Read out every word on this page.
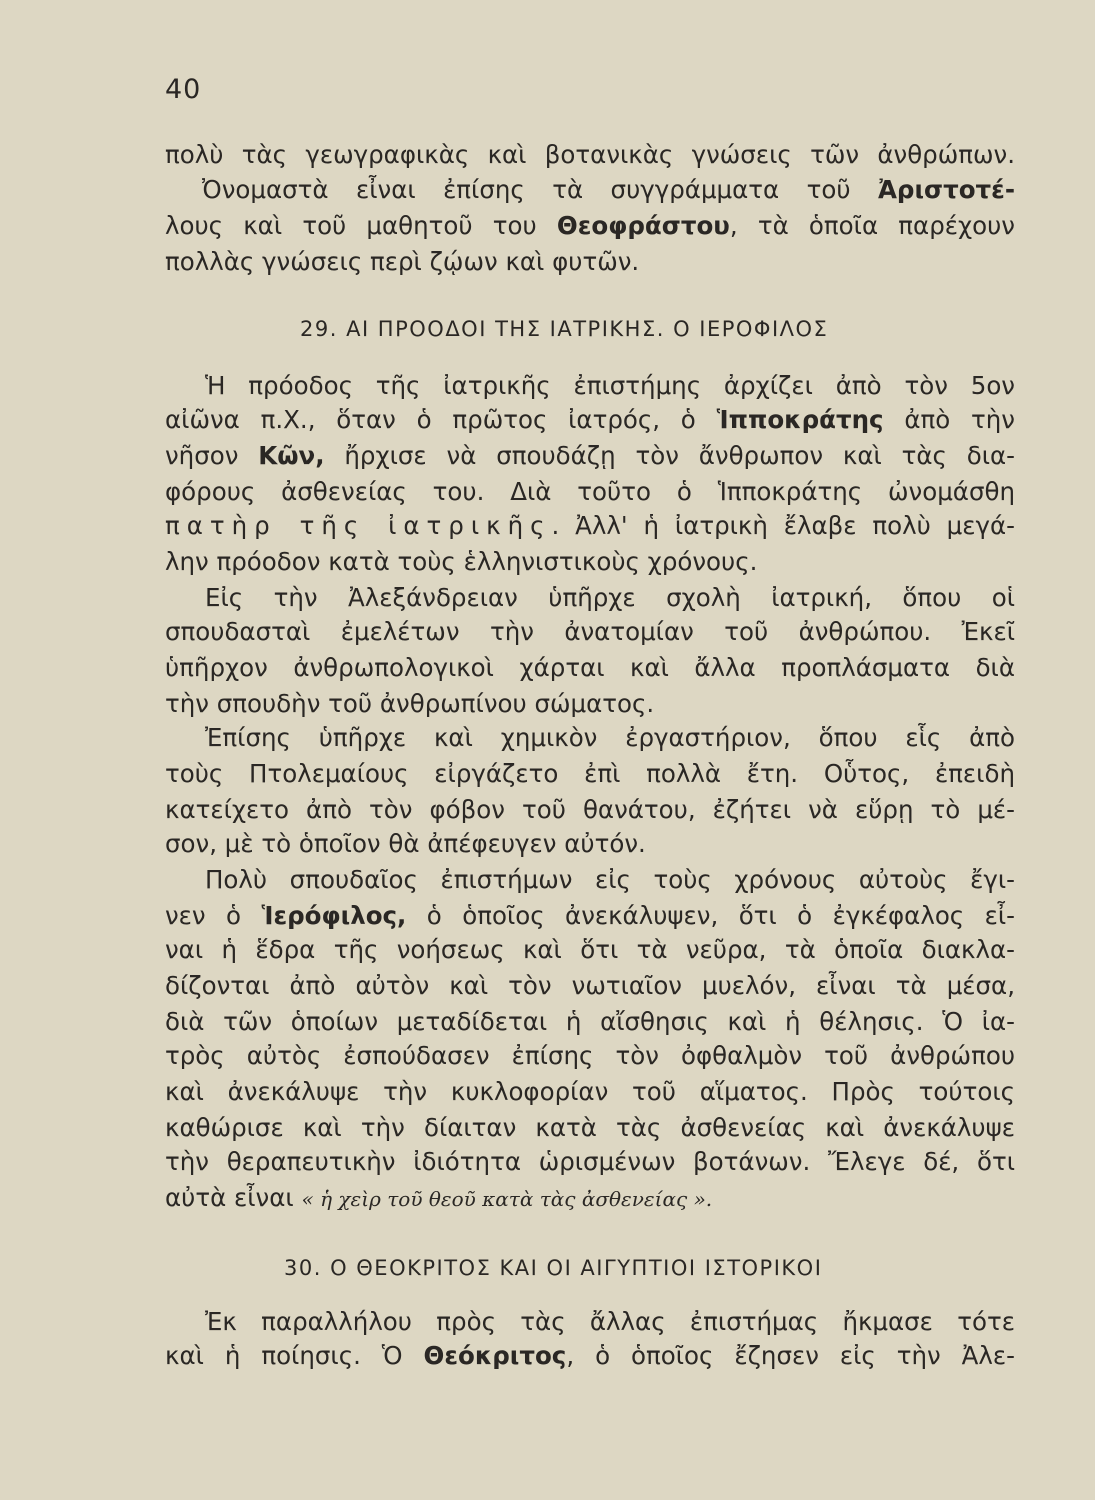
40
πολὺ τὰς γεωγραφικὰς καὶ βοτανικὰς γνώσεις τῶν ἀνθρώπων.
Ὀνομαστὰ εἶναι ἐπίσης τὰ συγγράμματα τοῦ Ἀριστοτέ-
λους καὶ τοῦ μαθητοῦ του Θεοφράστου, τὰ ὁποῖα παρέχουν
πολλὰς γνώσεις περὶ ζῴων καὶ φυτῶν.
29. ΑΙ ΠΡΟΟΔΟΙ ΤΗΣ ΙΑΤΡΙΚΗΣ. Ο ΙΕΡΟΦΙΛΟΣ
Ἡ πρόοδος τῆς ἰατρικῆς ἐπιστήμης ἀρχίζει ἀπὸ τὸν 5ον
αἰῶνα π.Χ., ὅταν ὁ πρῶτος ἰατρός, ὁ Ἱπποκράτης ἀπὸ τὴν
νῆσον Κῶν, ἤρχισε νὰ σπουδάζῃ τὸν ἄνθρωπον καὶ τὰς δια-
φόρους ἀσθενείας του. Διὰ τοῦτο ὁ Ἱπποκράτης ὠνομάσθη
πατὴρ τῆς ἰατρικῆς. Ἀλλ' ἡ ἰατρικὴ ἔλαβε πολὺ μεγά-
λην πρόοδον κατὰ τοὺς ἑλληνιστικοὺς χρόνους.
Εἰς τὴν Ἀλεξάνδρειαν ὑπῆρχε σχολὴ ἰατρική, ὅπου οἱ
σπουδασταὶ ἐμελέτων τὴν ἀνατομίαν τοῦ ἀνθρώπου. Ἐκεῖ
ὑπῆρχον ἀνθρωπολογικοὶ χάρται καὶ ἄλλα προπλάσματα διὰ
τὴν σπουδὴν τοῦ ἀνθρωπίνου σώματος.
Ἐπίσης ὑπῆρχε καὶ χημικὸν ἐργαστήριον, ὅπου εἷς ἀπὸ
τοὺς Πτολεμαίους εἰργάζετο ἐπὶ πολλὰ ἔτη. Οὗτος, ἐπειδὴ
κατείχετο ἀπὸ τὸν φόβον τοῦ θανάτου, ἐζήτει νὰ εὕρῃ τὸ μέ-
σον, μὲ τὸ ὁποῖον θὰ ἀπέφευγεν αὐτόν.
Πολὺ σπουδαῖος ἐπιστήμων εἰς τοὺς χρόνους αὐτοὺς ἔγι-
νεν ὁ Ἱερόφιλος, ὁ ὁποῖος ἀνεκάλυψεν, ὅτι ὁ ἐγκέφαλος εἶ-
ναι ἡ ἕδρα τῆς νοήσεως καὶ ὅτι τὰ νεῦρα, τὰ ὁποῖα διακλα-
δίζονται ἀπὸ αὐτὸν καὶ τὸν νωτιαῖον μυελόν, εἶναι τὰ μέσα,
διὰ τῶν ὁποίων μεταδίδεται ἡ αἴσθησις καὶ ἡ θέλησις. Ὁ ἰα-
τρὸς αὐτὸς ἐσπούδασεν ἐπίσης τὸν ὀφθαλμὸν τοῦ ἀνθρώπου
καὶ ἀνεκάλυψε τὴν κυκλοφορίαν τοῦ αἵματος. Πρὸς τούτοις
καθώρισε καὶ τὴν δίαιταν κατὰ τὰς ἀσθενείας καὶ ἀνεκάλυψε
τὴν θεραπευτικὴν ἰδιότητα ὡρισμένων βοτάνων. Ἔλεγε δέ, ὅτι
αὐτὰ εἶναι « ἡ χεὶρ τοῦ θεοῦ κατὰ τὰς ἀσθενείας ».
30. Ο ΘΕΟΚΡΙΤΟΣ ΚΑΙ ΟΙ ΑΙΓΥΠΤΙΟΙ ΙΣΤΟΡΙΚΟΙ
Ἐκ παραλλήλου πρὸς τὰς ἄλλας ἐπιστήμας ἤκμασε τότε
καὶ ἡ ποίησις. Ὁ Θεόκριτος, ὁ ὁποῖος ἔζησεν εἰς τὴν Ἀλε-
